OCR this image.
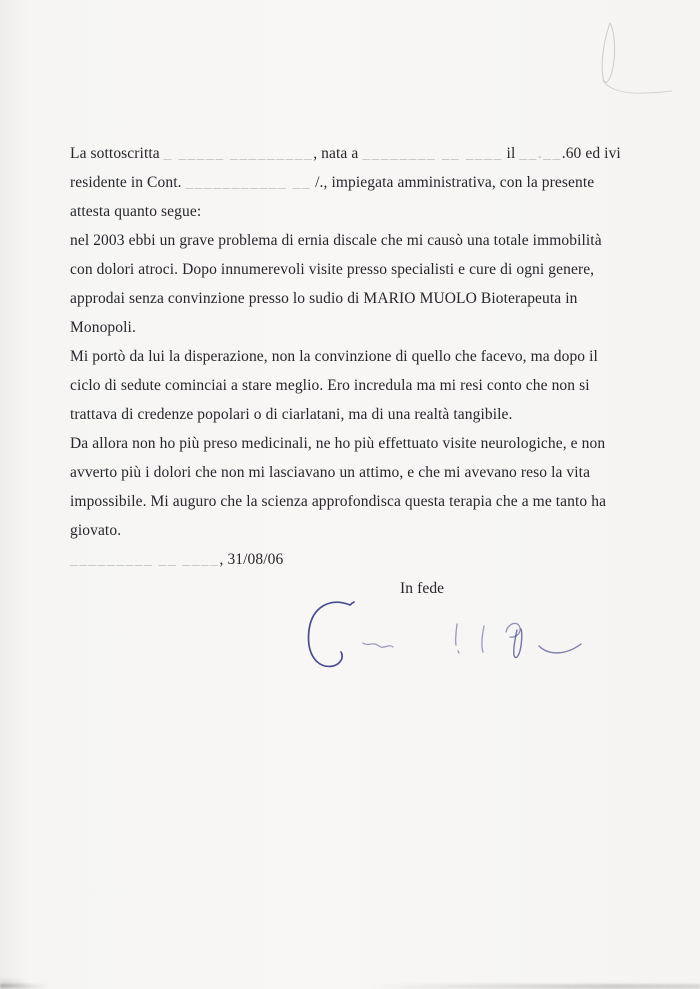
La sottoscritta _ _____ _________, nata a ________ __ ____ il __.__.60 ed ivi
residente in Cont. ___________ __ /., impiegata amministrativa, con la presente
attesta quanto segue:
nel 2003 ebbi un grave problema di ernia discale che mi causò una totale immobilità
con dolori atroci. Dopo innumerevoli visite presso specialisti e cure di ogni genere,
approdai senza convinzione presso lo sudio di MARIO MUOLO Bioterapeuta in
Monopoli.
Mi portò da lui la disperazione, non la convinzione di quello che facevo, ma dopo il
ciclo di sedute cominciai a stare meglio. Ero incredula ma mi resi conto che non si
trattava di credenze popolari o di ciarlatani, ma di una realtà tangibile.
Da allora non ho più preso medicinali, ne ho più effettuato visite neurologiche, e non
avverto più i dolori che non mi lasciavano un attimo, e che mi avevano reso la vita
impossibile. Mi auguro che la scienza approfondisca questa terapia che a me tanto ha
giovato.
_________ __ ____, 31/08/06
In fede
